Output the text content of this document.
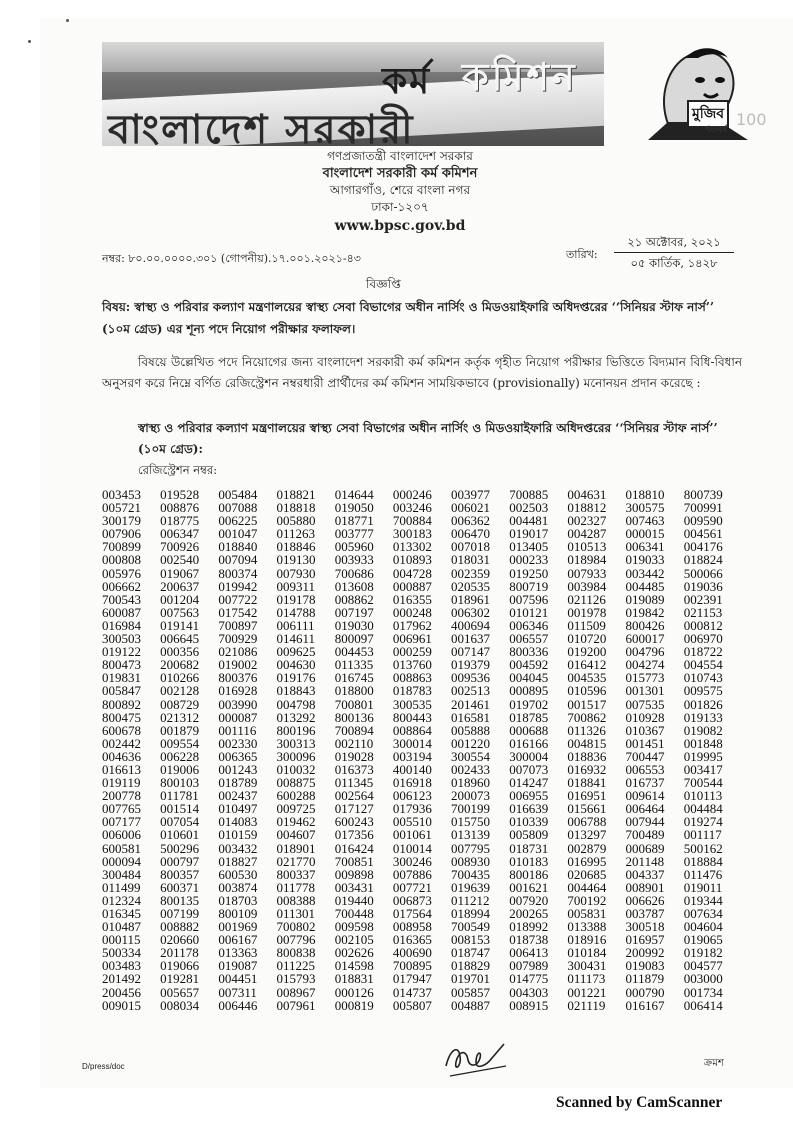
কমিশন
বাংলাদেশ সরকারী
কর্ম
মুজিব
শতবর্ষ
100
গণপ্রজাতন্ত্রী বাংলাদেশ সরকার
বাংলাদেশ সরকারী কর্ম কমিশন
আগারগাঁও, শেরে বাংলা নগর
ঢাকা-১২০৭
www.bpsc.gov.bd
নম্বর: ৮০.০০.০০০০.৩০১ (গোপনীয়).১৭.০০১.২০২১-৪৩	তারিখ:
২১ অক্টোবর, ২০২১
০৫ কার্তিক, ১৪২৮
বিজ্ঞপ্তি
বিষয়: স্বাস্থ্য ও পরিবার কল্যাণ মন্ত্রণালয়ের স্বাস্থ্য সেবা বিভাগের অধীন নার্সিং ও মিডওয়াইফারি অধিদপ্তরের ‘‘সিনিয়র স্টাফ নার্স’’ (১০ম গ্রেড) এর শূন্য পদে নিয়োগ পরীক্ষার ফলাফল।
বিষয়ে উল্লেখিত পদে নিয়োগের জন্য বাংলাদেশ সরকারী কর্ম কমিশন কর্তৃক গৃহীত নিয়োগ পরীক্ষার ভিত্তিতে বিদ্যমান বিধি-বিধান অনুসরণ করে নিম্নে বর্ণিত রেজিস্ট্রেশন নম্বরধারী প্রার্থীদের কর্ম কমিশন সাময়িকভাবে (provisionally) মনোনয়ন প্রদান করেছে :
স্বাস্থ্য ও পরিবার কল্যাণ মন্ত্রণালয়ের স্বাস্থ্য সেবা বিভাগের অধীন নার্সিং ও মিডওয়াইফারি অধিদপ্তরের ‘‘সিনিয়র স্টাফ নার্স’’ (১০ম গ্রেড):
রেজিস্ট্রেশন নম্বর:
003453	019528	005484	018821	014644	000246	003977	700885	004631	018810	800739
005721	008876	007088	018818	019050	003246	006021	002503	018812	300575	700991
300179	018775	006225	005880	018771	700884	006362	004481	002327	007463	009590
007906	006347	001047	011263	003777	300183	006470	019017	004287	000015	004561
700899	700926	018840	018846	005960	013302	007018	013405	010513	006341	004176
000808	002540	007094	019130	003933	010893	018031	000233	018984	019033	018824
005976	019067	800374	007930	700686	004728	002359	019250	007933	003442	500066
006662	200637	019942	009311	013608	000887	020535	800719	003984	004485	019036
700543	001204	007722	019178	008862	016355	018961	007596	021126	019089	002391
600087	007563	017542	014788	007197	000248	006302	010121	001978	019842	021153
016984	019141	700897	006111	019030	017962	400694	006346	011509	800426	000812
300503	006645	700929	014611	800097	006961	001637	006557	010720	600017	006970
019122	000356	021086	009625	004453	000259	007147	800336	019200	004796	018722
800473	200682	019002	004630	011335	013760	019379	004592	016412	004274	004554
019831	010266	800376	019176	016745	008863	009536	004045	004535	015773	010743
005847	002128	016928	018843	018800	018783	002513	000895	010596	001301	009575
800892	008729	003990	004798	700801	300535	201461	019702	001517	007535	001826
800475	021312	000087	013292	800136	800443	016581	018785	700862	010928	019133
600678	001879	001116	800196	700894	008864	005888	000688	011326	010367	019082
002442	009554	002330	300313	002110	300014	001220	016166	004815	001451	001848
004636	006228	006365	300096	019028	003194	300554	300004	018836	700447	019995
016613	019006	001243	010032	016373	400140	002433	007073	016932	006553	003417
019119	800103	018789	008875	011345	016918	018960	014247	018841	016737	700544
200778	011781	002437	600288	002564	006123	200073	006955	016951	009614	010113
007765	001514	010497	009725	017127	017936	700199	016639	015661	006464	004484
007177	007054	014083	019462	600243	005510	015750	010339	006788	007944	019274
006006	010601	010159	004607	017356	001061	013139	005809	013297	700489	001117
600581	500296	003432	018901	016424	010014	007795	018731	002879	000689	500162
000094	000797	018827	021770	700851	300246	008930	010183	016995	201148	018884
300484	800357	600530	800337	009898	007886	700435	800186	020685	004337	011476
011499	600371	003874	011778	003431	007721	019639	001621	004464	008901	019011
012324	800135	018703	008388	019440	006873	011212	007920	700192	006626	019344
016345	007199	800109	011301	700448	017564	018994	200265	005831	003787	007634
010487	008882	001969	700802	009598	008958	700549	018992	013388	300518	004604
000115	020660	006167	007796	002105	016365	008153	018738	018916	016957	019065
500334	201178	013363	800838	002626	400690	018747	006413	010184	200992	019182
003483	019066	019087	011225	014598	700895	018829	007989	300431	019083	004577
201492	019281	004451	015793	018831	017947	019701	014775	011173	011879	003000
200456	005657	007311	008967	000126	014737	005857	004303	001221	000790	001734
009015	008034	006446	007961	000819	005807	004887	008915	021119	016167	006414
ক্রমশ
D/press/doc
Scanned by CamScanner
